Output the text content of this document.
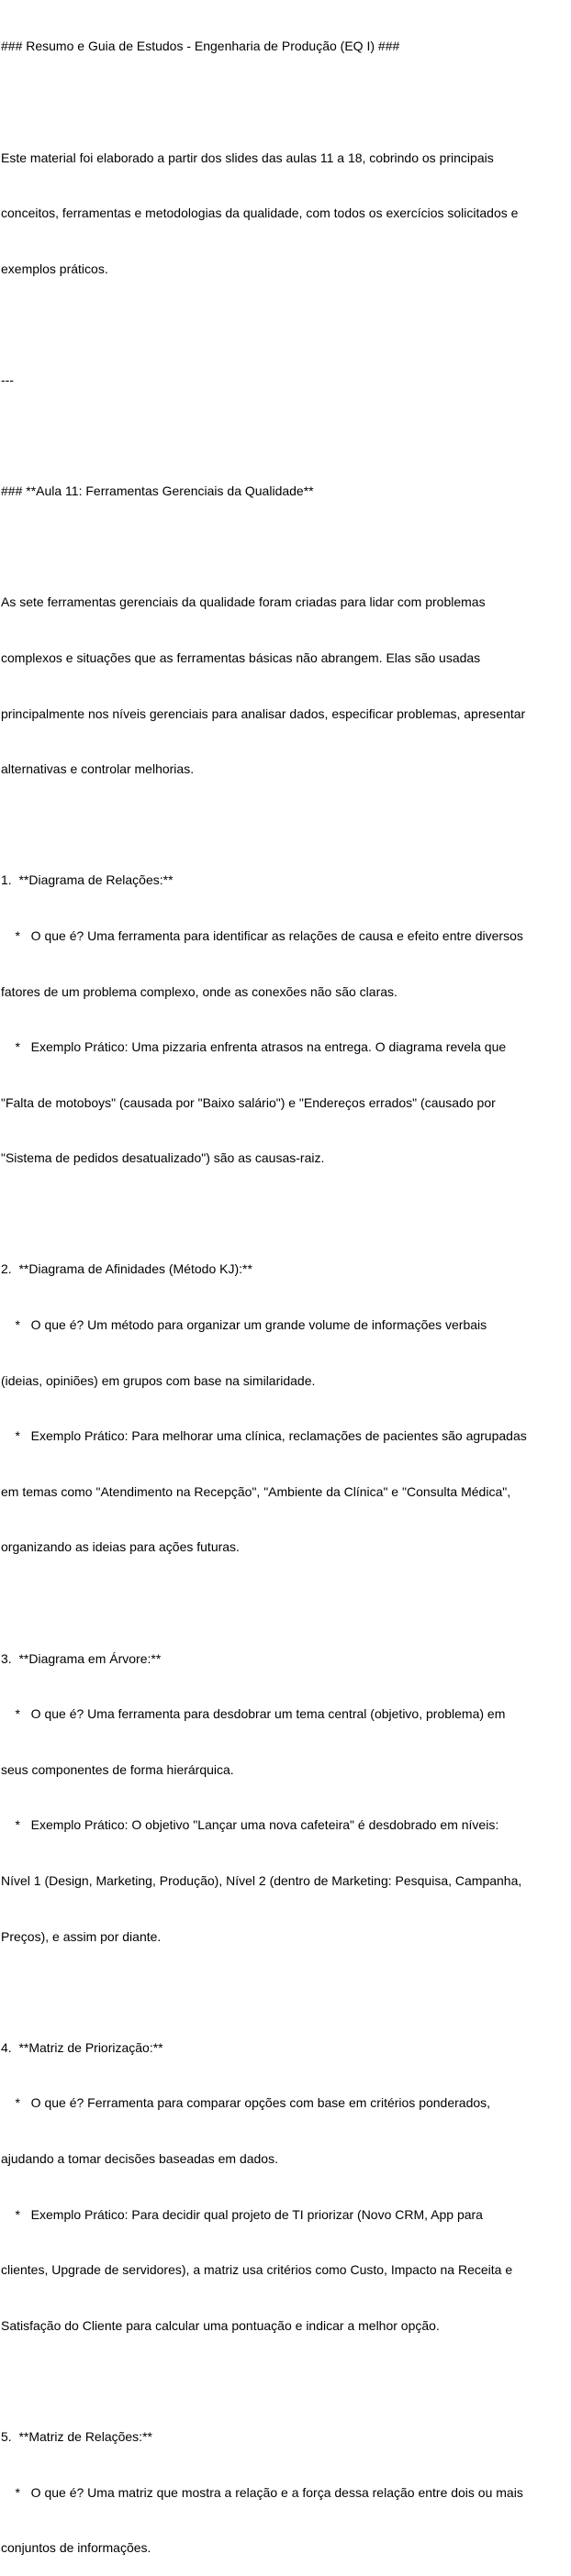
### Resumo e Guia de Estudos - Engenharia de Produção (EQ I) ###

Este material foi elaborado a partir dos slides das aulas 11 a 18, cobrindo os principais

conceitos, ferramentas e metodologias da qualidade, com todos os exercícios solicitados e

exemplos práticos.

---

### **Aula 11: Ferramentas Gerenciais da Qualidade**

As sete ferramentas gerenciais da qualidade foram criadas para lidar com problemas

complexos e situações que as ferramentas básicas não abrangem. Elas são usadas

principalmente nos níveis gerenciais para analisar dados, especificar problemas, apresentar

alternativas e controlar melhorias.

1.  **Diagrama de Relações:**

*   O que é? Uma ferramenta para identificar as relações de causa e efeito entre diversos

fatores de um problema complexo, onde as conexões não são claras.

*   Exemplo Prático: Uma pizzaria enfrenta atrasos na entrega. O diagrama revela que

"Falta de motoboys" (causada por "Baixo salário") e "Endereços errados" (causado por

"Sistema de pedidos desatualizado") são as causas-raiz.

2.  **Diagrama de Afinidades (Método KJ):**

*   O que é? Um método para organizar um grande volume de informações verbais

(ideias, opiniões) em grupos com base na similaridade.

*   Exemplo Prático: Para melhorar uma clínica, reclamações de pacientes são agrupadas

em temas como "Atendimento na Recepção", "Ambiente da Clínica" e "Consulta Médica",

organizando as ideias para ações futuras.

3.  **Diagrama em Árvore:**

*   O que é? Uma ferramenta para desdobrar um tema central (objetivo, problema) em

seus componentes de forma hierárquica.

*   Exemplo Prático: O objetivo "Lançar uma nova cafeteira" é desdobrado em níveis:

Nível 1 (Design, Marketing, Produção), Nível 2 (dentro de Marketing: Pesquisa, Campanha,

Preços), e assim por diante.

4.  **Matriz de Priorização:**

*   O que é? Ferramenta para comparar opções com base em critérios ponderados,

ajudando a tomar decisões baseadas em dados.

*   Exemplo Prático: Para decidir qual projeto de TI priorizar (Novo CRM, App para

clientes, Upgrade de servidores), a matriz usa critérios como Custo, Impacto na Receita e

Satisfação do Cliente para calcular uma pontuação e indicar a melhor opção.

5.  **Matriz de Relações:**

*   O que é? Uma matriz que mostra a relação e a força dessa relação entre dois ou mais

conjuntos de informações.
